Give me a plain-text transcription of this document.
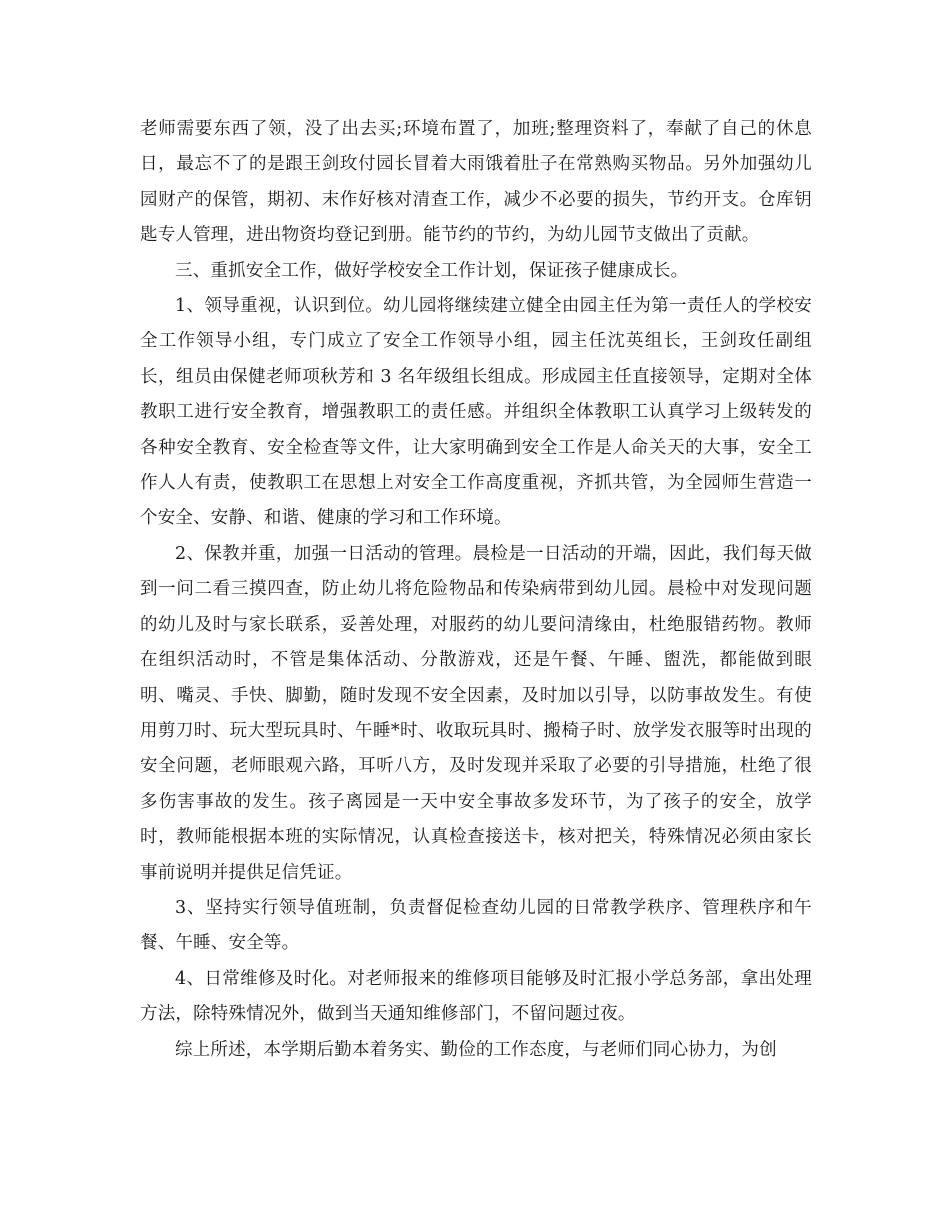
老师需要东西了领，没了出去买;环境布置了，加班;整理资料了，奉献了自己的休息日，最忘不了的是跟王剑玫付园长冒着大雨饿着肚子在常熟购买物品。另外加强幼儿园财产的保管，期初、末作好核对清查工作，减少不必要的损失，节约开支。仓库钥匙专人管理，进出物资均登记到册。能节约的节约，为幼儿园节支做出了贡献。

三、重抓安全工作，做好学校安全工作计划，保证孩子健康成长。

1、领导重视，认识到位。幼儿园将继续建立健全由园主任为第一责任人的学校安全工作领导小组，专门成立了安全工作领导小组，园主任沈英组长，王剑玫任副组长，组员由保健老师项秋芳和 3 名年级组长组成。形成园主任直接领导，定期对全体教职工进行安全教育，增强教职工的责任感。并组织全体教职工认真学习上级转发的各种安全教育、安全检查等文件，让大家明确到安全工作是人命关天的大事，安全工作人人有责，使教职工在思想上对安全工作高度重视，齐抓共管，为全园师生营造一个安全、安静、和谐、健康的学习和工作环境。

2、保教并重，加强一日活动的管理。晨检是一日活动的开端，因此，我们每天做到一问二看三摸四查，防止幼儿将危险物品和传染病带到幼儿园。晨检中对发现问题的幼儿及时与家长联系，妥善处理，对服药的幼儿要问清缘由，杜绝服错药物。教师在组织活动时，不管是集体活动、分散游戏，还是午餐、午睡、盥洗，都能做到眼明、嘴灵、手快、脚勤，随时发现不安全因素，及时加以引导，以防事故发生。有使用剪刀时、玩大型玩具时、午睡*时、收取玩具时、搬椅子时、放学发衣服等时出现的安全问题，老师眼观六路，耳听八方，及时发现并采取了必要的引导措施，杜绝了很多伤害事故的发生。孩子离园是一天中安全事故多发环节，为了孩子的安全，放学时，教师能根据本班的实际情况，认真检查接送卡，核对把关，特殊情况必须由家长事前说明并提供足信凭证。

3、坚持实行领导值班制，负责督促检查幼儿园的日常教学秩序、管理秩序和午餐、午睡、安全等。

4、日常维修及时化。对老师报来的维修项目能够及时汇报小学总务部，拿出处理方法，除特殊情况外，做到当天通知维修部门，不留问题过夜。

综上所述，本学期后勤本着务实、勤俭的工作态度，与老师们同心协力，为创
